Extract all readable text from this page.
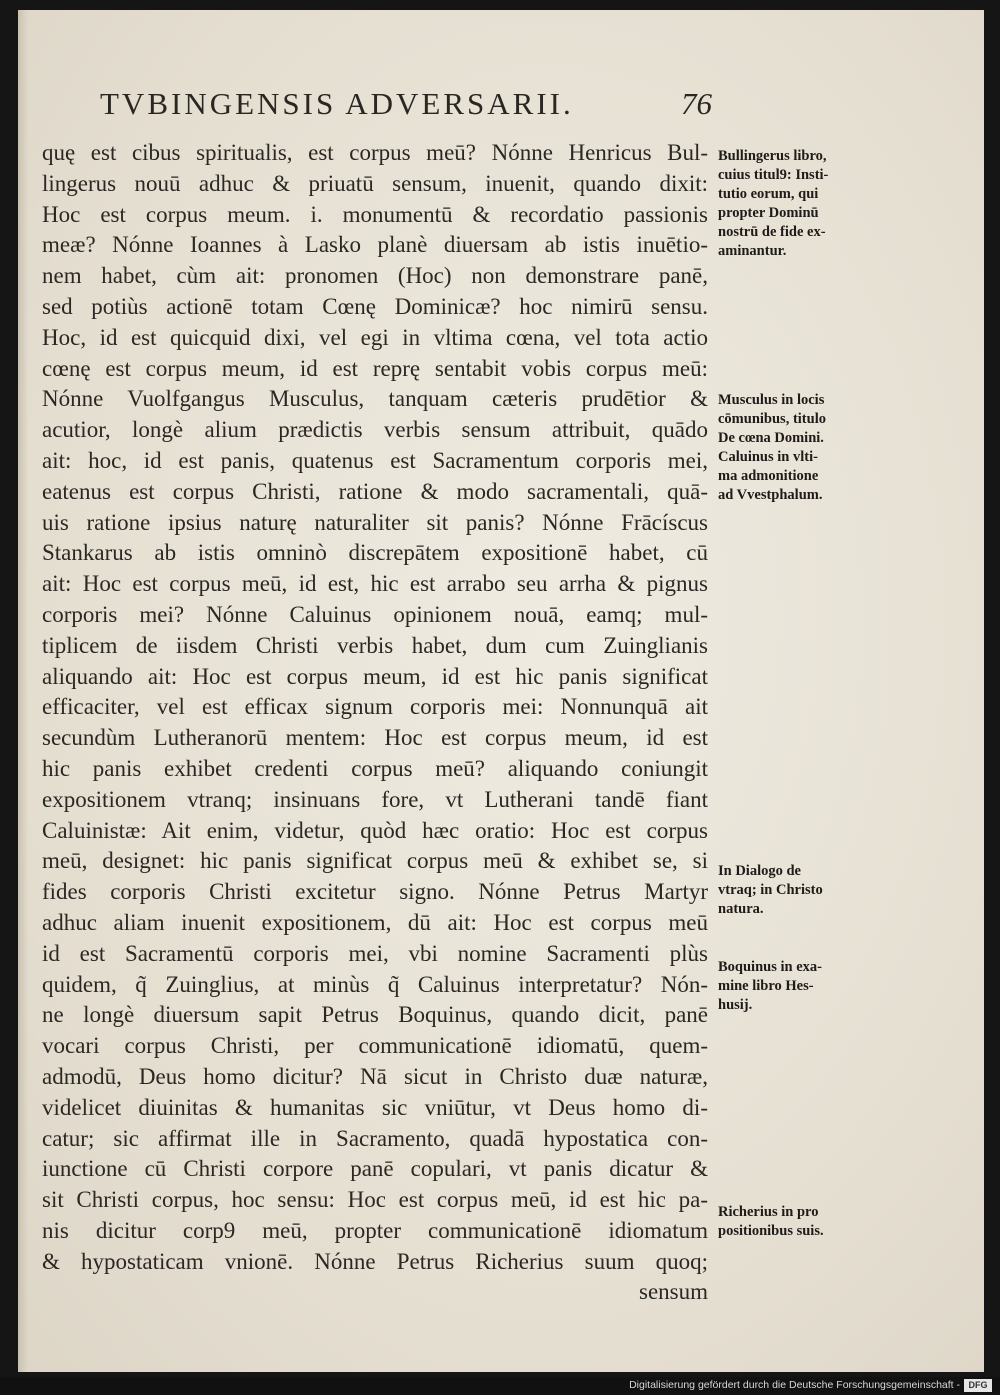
TVBINGENSIS ADVERSARII.	76
quę est cibus spiritualis, est corpus meū? Nónne Henricus Bul-
lingerus nouū adhuc & priuatū sensum, inuenit, quando dixit:
Hoc est corpus meum. i. monumentū & recordatio passionis
meæ? Nónne Ioannes à Lasko planè diuersam ab istis inuētio-
nem habet, cùm ait: pronomen (Hoc) non demonstrare panē,
sed potiùs actionē totam Cœnę Dominicæ? hoc nimirū sensu.
Hoc, id est quicquid dixi, vel egi in vltima cœna, vel tota actio
cœnę est corpus meum, id est reprę sentabit vobis corpus meū:
Nónne Vuolfgangus Musculus, tanquam cæteris prudētior &
acutior, longè alium prædictis verbis sensum attribuit, quādo
ait: hoc, id est panis, quatenus est Sacramentum corporis mei,
eatenus est corpus Christi, ratione & modo sacramentali, quā-
uis ratione ipsius naturę naturaliter sit panis? Nónne Frācíscus
Stankarus ab istis omninò discrepātem expositionē habet, cū
ait: Hoc est corpus meū, id est, hic est arrabo seu arrha & pignus
corporis mei? Nónne Caluinus opinionem nouā, eamq; mul-
tiplicem de iisdem Christi verbis habet, dum cum Zuinglianis
aliquando ait: Hoc est corpus meum, id est hic panis significat
efficaciter, vel est efficax signum corporis mei: Nonnunquā ait
secundùm Lutheranorū mentem: Hoc est corpus meum, id est
hic panis exhibet credenti corpus meū? aliquando coniungit
expositionem vtranq; insinuans fore, vt Lutherani tandē fiant
Caluinistæ: Ait enim, videtur, quòd hæc oratio: Hoc est corpus
meū, designet: hic panis significat corpus meū & exhibet se, si
fides corporis Christi excitetur signo. Nónne Petrus Martyr
adhuc aliam inuenit expositionem, dū ait: Hoc est corpus meū
id est Sacramentū corporis mei, vbi nomine Sacramenti plùs
quidem, q̃ Zuinglius, at minùs q̃ Caluinus interpretatur? Nón-
ne longè diuersum sapit Petrus Boquinus, quando dicit, panē
vocari corpus Christi, per communicationē idiomatū, quem-
admodū, Deus homo dicitur? Nā sicut in Christo duæ naturæ,
videlicet diuinitas & humanitas sic vniūtur, vt Deus homo di-
catur; sic affirmat ille in Sacramento, quadā hypostatica con-
iunctione cū Christi corpore panē copulari, vt panis dicatur &
sit Christi corpus, hoc sensu: Hoc est corpus meū, id est hic pa-
nis dicitur corp9 meū, propter communicationē idiomatum
& hypostaticam vnionē. Nónne Petrus Richerius suum quoq;
sensum
Bullingerus libro,
cuius titul9: Insti-
tutio eorum, qui
propter Dominū
nostrū de fide ex-
aminantur.
Musculus in locis
cōmunibus, titulo
De cœna Domini.
Caluinus in vlti-
ma admonitione
ad Vvestphalum.
In Dialogo de
vtraq; in Christo
natura.
Boquinus in exa-
mine libro Hes-
husij.
Richerius in pro
positionibus suis.
Digitalisierung gefördert durch die Deutsche Forschungsgemeinschaft - DFG
